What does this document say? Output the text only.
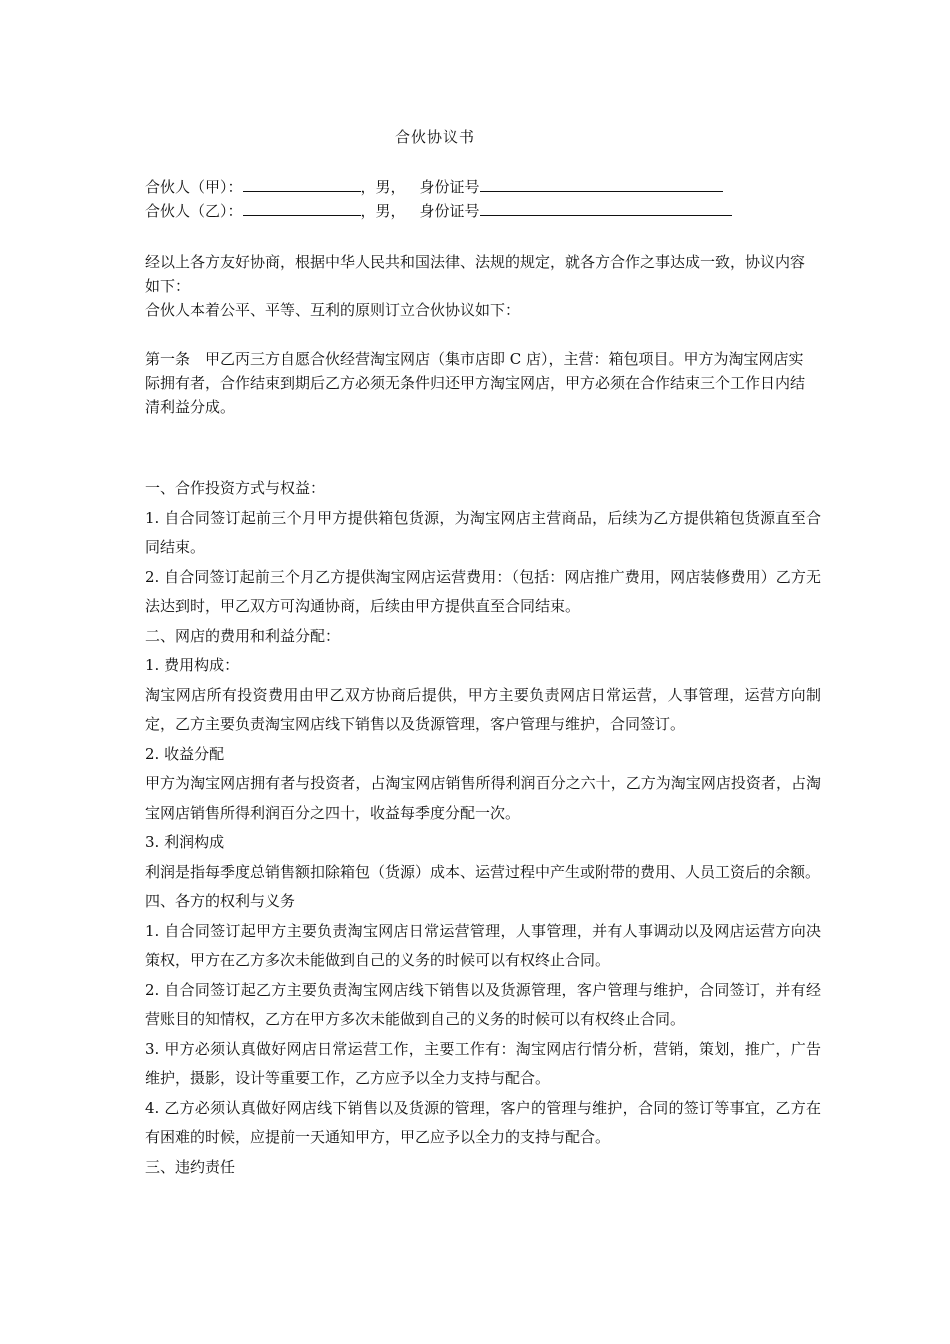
合伙协议书
合伙人（甲）：	，男， 身份证号
合伙人（乙）：	，男， 身份证号

经以上各方友好协商，根据中华人民共和国法律、法规的规定，就各方合作之事达成一致，协议内容如下：

合伙人本着公平、平等、互利的原则订立合伙协议如下：

第一条　甲乙丙三方自愿合伙经营淘宝网店（集市店即 C 店），主营：箱包项目。甲方为淘宝网店实际拥有者，合作结束到期后乙方必须无条件归还甲方淘宝网店，甲方必须在合作结束三个工作日内结清利益分成。

一、合作投资方式与权益：

1. 自合同签订起前三个月甲方提供箱包货源，为淘宝网店主营商品，后续为乙方提供箱包货源直至合同结束。

2. 自合同签订起前三个月乙方提供淘宝网店运营费用：（包括：网店推广费用，网店装修费用）乙方无法达到时，甲乙双方可沟通协商，后续由甲方提供直至合同结束。

二、网店的费用和利益分配：

1. 费用构成：

淘宝网店所有投资费用由甲乙双方协商后提供，甲方主要负责网店日常运营，人事管理，运营方向制定，乙方主要负责淘宝网店线下销售以及货源管理，客户管理与维护，合同签订。

2. 收益分配

甲方为淘宝网店拥有者与投资者，占淘宝网店销售所得利润百分之六十，乙方为淘宝网店投资者，占淘宝网店销售所得利润百分之四十，收益每季度分配一次。

3. 利润构成

利润是指每季度总销售额扣除箱包（货源）成本、运营过程中产生或附带的费用、人员工资后的余额。

四、各方的权利与义务

1. 自合同签订起甲方主要负责淘宝网店日常运营管理，人事管理，并有人事调动以及网店运营方向决策权，甲方在乙方多次未能做到自己的义务的时候可以有权终止合同。

2. 自合同签订起乙方主要负责淘宝网店线下销售以及货源管理，客户管理与维护，合同签订，并有经营账目的知情权，乙方在甲方多次未能做到自己的义务的时候可以有权终止合同。

3. 甲方必须认真做好网店日常运营工作，主要工作有：淘宝网店行情分析，营销，策划，推广，广告维护，摄影，设计等重要工作，乙方应予以全力支持与配合。

4. 乙方必须认真做好网店线下销售以及货源的管理，客户的管理与维护，合同的签订等事宜，乙方在有困难的时候，应提前一天通知甲方，甲乙应予以全力的支持与配合。

三、违约责任
